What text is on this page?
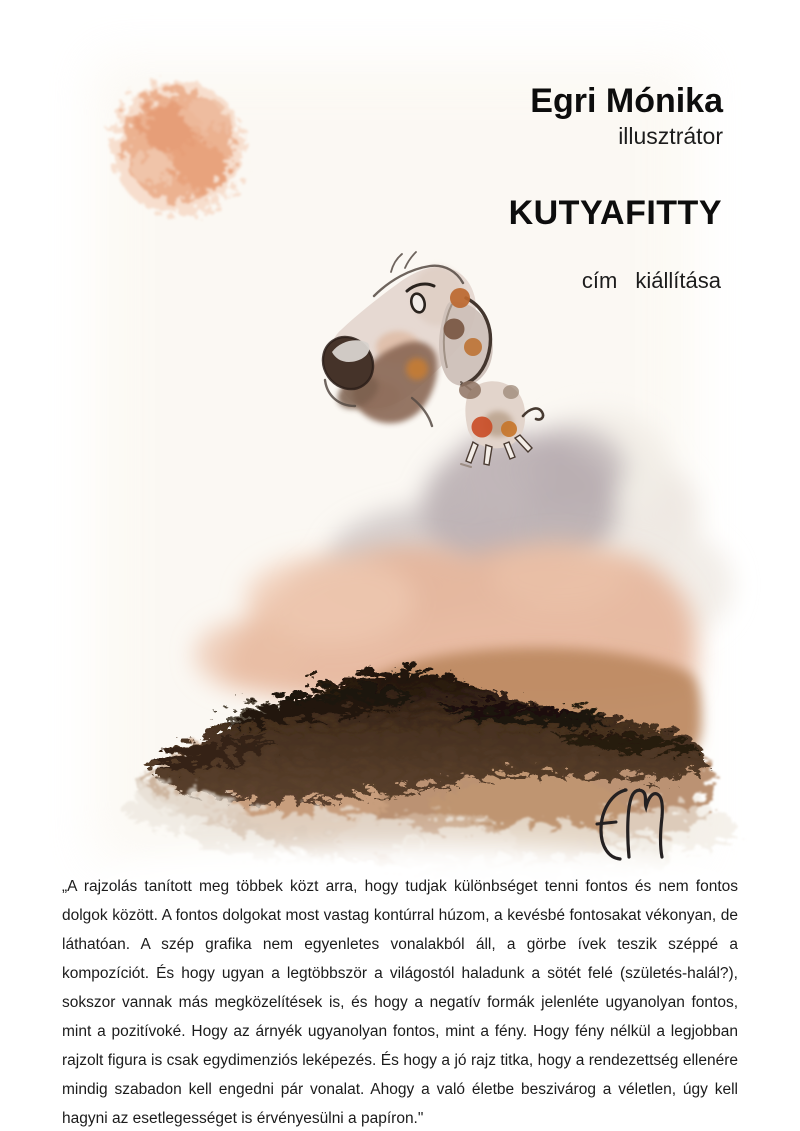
Egri Mónika
illusztrátor
KUTYAFITTY
cím kiállítása

„A rajzolás tanított meg többek közt arra, hogy tudjak különbséget tenni fontos és nem fontos dolgok között. A fontos dolgokat most vastag kontúrral húzom, a kevésbé fontosakat vékonyan, de láthatóan. A szép grafika nem egyenletes vonalakból áll, a görbe ívek teszik széppé a kompozíciót. És hogy ugyan a legtöbbször a világostól haladunk a sötét felé (születés-halál?), sokszor vannak más megközelítések is, és hogy a negatív formák jelenléte ugyanolyan fontos, mint a pozitívoké. Hogy az árnyék ugyanolyan fontos, mint a fény. Hogy fény nélkül a legjobban rajzolt figura is csak egydimenziós leképezés. És hogy a jó rajz titka, hogy a rendezettség ellenére mindig szabadon kell engedni pár vonalat. Ahogy a való életbe beszivárog a véletlen, úgy kell hagyni az esetlegességet is érvényesülni a papíron."
